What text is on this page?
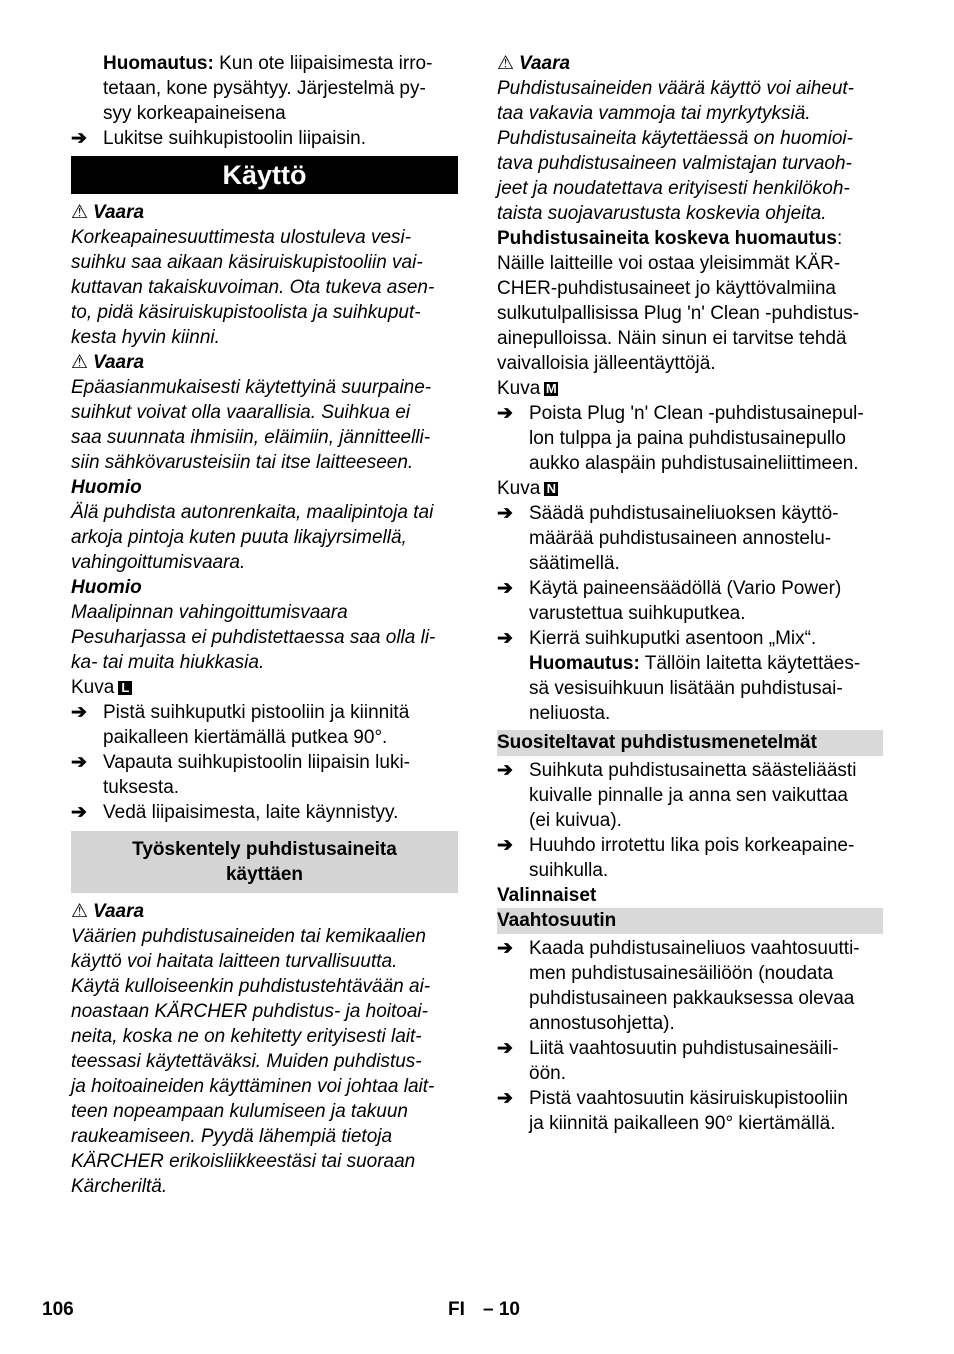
Huomautus: Kun ote liipaisimesta irro-

tetaan, kone pysähtyy. Järjestelmä py-

syy korkeapaineisena

➔ Lukitse suihkupistoolin liipaisin.

Käyttö

⚠ Vaara

Korkeapainesuuttimesta ulostuleva vesi-

suihku saa aikaan käsiruiskupistooliin vai-

kuttavan takaiskuvoiman. Ota tukeva asen-

to, pidä käsiruiskupistoolista ja suihkuput-

kesta hyvin kiinni.

⚠ Vaara

Epäasianmukaisesti käytettyinä suurpaine-

suihkut voivat olla vaarallisia. Suihkua ei

saa suunnata ihmisiin, eläimiin, jännitteelli-

siin sähkövarusteisiin tai itse laitteeseen.

Huomio

Älä puhdista autonrenkaita, maalipintoja tai

arkoja pintoja kuten puuta likajyrsimellä,

vahingoittumisvaara.

Huomio

Maalipinnan vahingoittumisvaara

Pesuharjassa ei puhdistettaessa saa olla li-

ka- tai muita hiukkasia.

Kuva L

➔ Pistä suihkuputki pistooliin ja kiinnitä

paikalleen kiertämällä putkea 90°.

➔ Vapauta suihkupistoolin liipaisin luki-

tuksesta.

➔ Vedä liipaisimesta, laite käynnistyy.

Työskentely puhdistusaineita

käyttäen

⚠ Vaara

Väärien puhdistusaineiden tai kemikaalien

käyttö voi haitata laitteen turvallisuutta.

Käytä kulloiseenkin puhdistustehtävään ai-

noastaan KÄRCHER puhdistus- ja hoitoai-

neita, koska ne on kehitetty erityisesti lait-

teessasi käytettäväksi. Muiden puhdistus-

ja hoitoaineiden käyttäminen voi johtaa lait-

teen nopeampaan kulumiseen ja takuun

raukeamiseen. Pyydä lähempiä tietoja

KÄRCHER erikoisliikkeestäsi tai suoraan

Kärcheriltä.

⚠ Vaara

Puhdistusaineiden väärä käyttö voi aiheut-

taa vakavia vammoja tai myrkytyksiä.

Puhdistusaineita käytettäessä on huomioi-

tava puhdistusaineen valmistajan turvaoh-

jeet ja noudatettava erityisesti henkilökoh-

taista suojavarustusta koskevia ohjeita.

Puhdistusaineita koskeva huomautus:

Näille laitteille voi ostaa yleisimmät KÄR-

CHER-puhdistusaineet jo käyttövalmiina

sulkutulpallisissa Plug 'n' Clean -puhdistus-

ainepulloissa. Näin sinun ei tarvitse tehdä

vaivalloisia jälleentäyttöjä.

Kuva M

➔ Poista Plug 'n' Clean -puhdistusainepul-

lon tulppa ja paina puhdistusainepullo

aukko alaspäin puhdistusaineliittimeen.

Kuva N

➔ Säädä puhdistusaineliuoksen käyttö-

määrää puhdistusaineen annostelu-

säätimellä.

➔ Käytä paineensäädöllä (Vario Power)

varustettua suihkuputkea.

➔ Kierrä suihkuputki asentoon „Mix“.

Huomautus: Tällöin laitetta käytettäes-

sä vesisuihkuun lisätään puhdistusai-

neliuosta.

Suositeltavat puhdistusmenetelmät
➔ Suihkuta puhdistusainetta säästeliäästi

kuivalle pinnalle ja anna sen vaikuttaa

(ei kuivua).

➔ Huuhdo irrotettu lika pois korkeapaine-

suihkulla.

Valinnaiset

Vaahtosuutin
➔ Kaada puhdistusaineliuos vaahtosuutti-

men puhdistusainesäiliöön (noudata

puhdistusaineen pakkauksessa olevaa

annostusohjetta).

➔ Liitä vaahtosuutin puhdistusainesäili-

öön.

➔ Pistä vaahtosuutin käsiruiskupistooliin

ja kiinnitä paikalleen 90° kiertämällä.

106	FI – 10
